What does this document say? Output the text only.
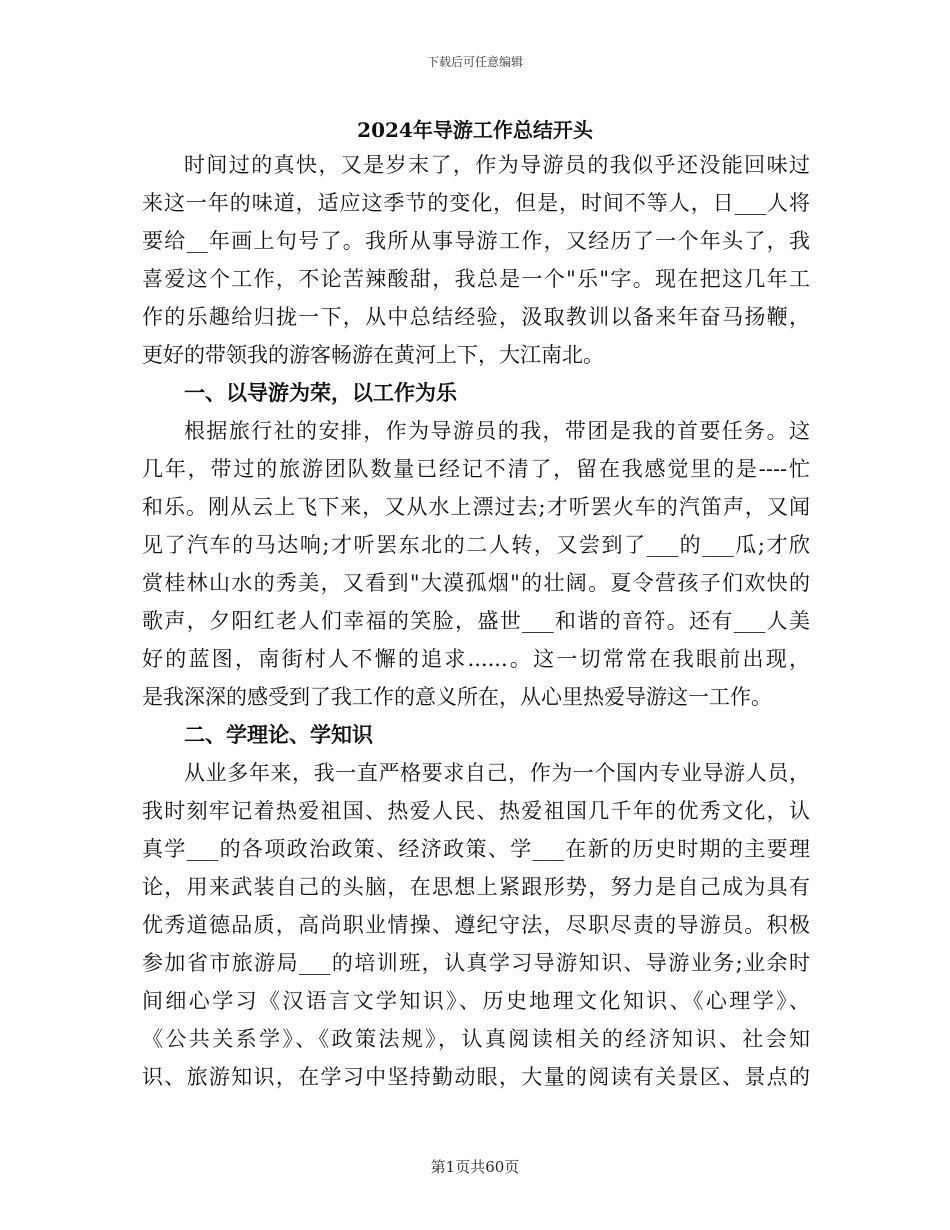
下载后可任意编辑
2024年导游工作总结开头
时间过的真快，又是岁末了，作为导游员的我似乎还没能回味过
来这一年的味道，适应这季节的变化，但是，时间不等人，日___人将
要给__年画上句号了。我所从事导游工作，又经历了一个年头了，我
喜爱这个工作，不论苦辣酸甜，我总是一个"乐"字。现在把这几年工
作的乐趣给归拢一下，从中总结经验，汲取教训以备来年奋马扬鞭，
更好的带领我的游客畅游在黄河上下，大江南北。
一、以导游为荣，以工作为乐
根据旅行社的安排，作为导游员的我，带团是我的首要任务。这
几年，带过的旅游团队数量已经记不清了，留在我感觉里的是----忙
和乐。刚从云上飞下来，又从水上漂过去;才听罢火车的汽笛声，又闻
见了汽车的马达响;才听罢东北的二人转，又尝到了___的___瓜;才欣
赏桂林山水的秀美，又看到"大漠孤烟"的壮阔。夏令营孩子们欢快的
歌声，夕阳红老人们幸福的笑脸，盛世___和谐的音符。还有___人美
好的蓝图，南街村人不懈的追求......。这一切常常在我眼前出现，
是我深深的感受到了我工作的意义所在，从心里热爱导游这一工作。
二、学理论、学知识
从业多年来，我一直严格要求自己，作为一个国内专业导游人员，
我时刻牢记着热爱祖国、热爱人民、热爱祖国几千年的优秀文化，认
真学___的各项政治政策、经济政策、学___在新的历史时期的主要理
论，用来武装自己的头脑，在思想上紧跟形势，努力是自己成为具有
优秀道德品质，高尚职业情操、遵纪守法，尽职尽责的导游员。积极
参加省市旅游局___的培训班，认真学习导游知识、导游业务;业余时
间细心学习《汉语言文学知识》、历史地理文化知识、《心理学》、
《公共关系学》、《政策法规》，认真阅读相关的经济知识、社会知
识、旅游知识，在学习中坚持勤动眼，大量的阅读有关景区、景点的
第1页共60页
